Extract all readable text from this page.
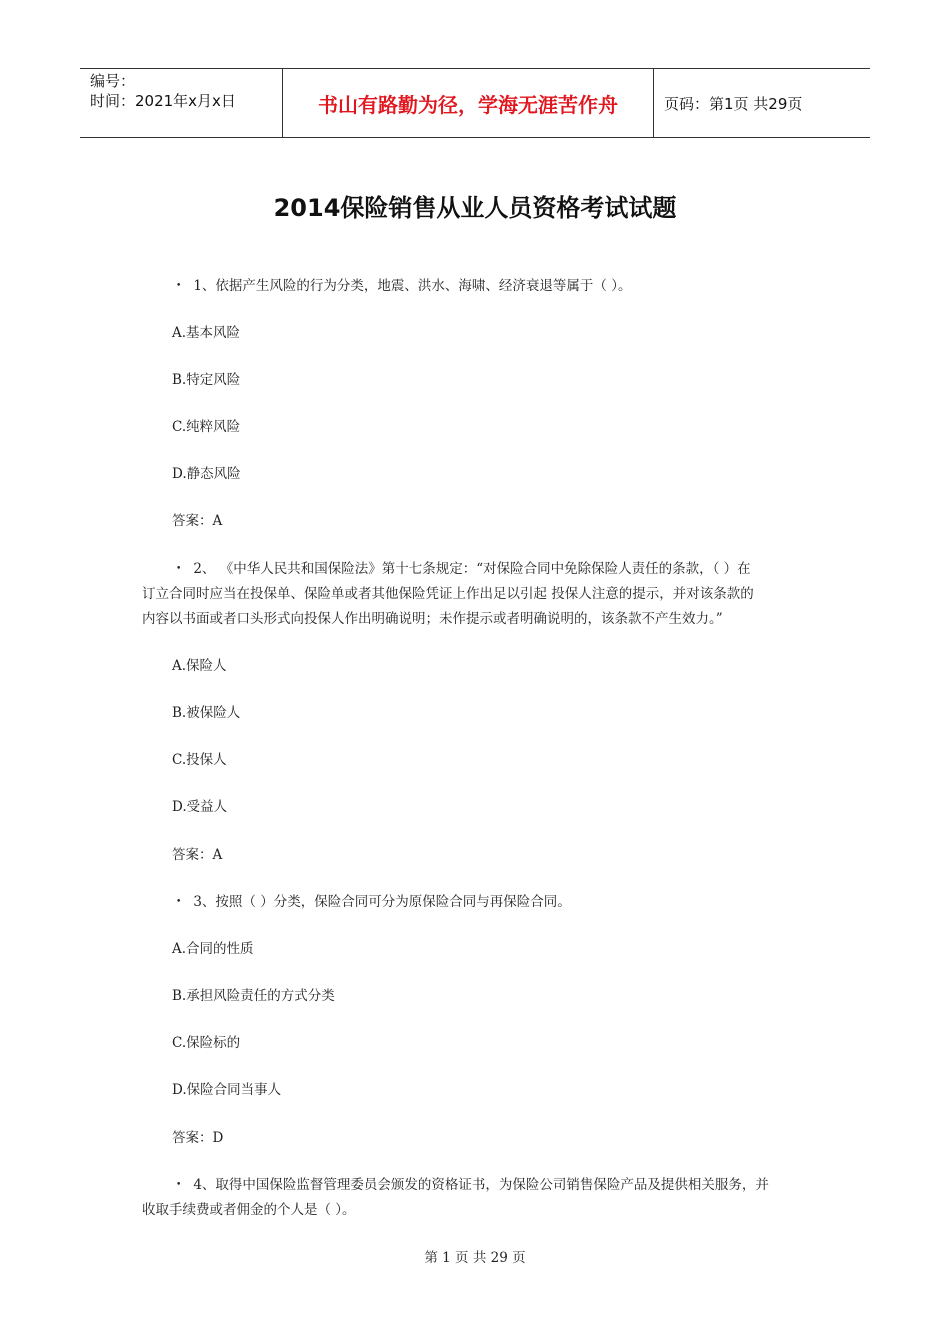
编号：
时间：2021年x月x日	书山有路勤为径，学海无涯苦作舟	页码：第1页 共29页
2014保险销售从业人员资格考试试题
• 1、依据产生风险的行为分类，地震、洪水、海啸、经济衰退等属于（ ）。
A.基本风险
B.特定风险
C.纯粹风险
D.静态风险
答案：A
• 2、 《中华人民共和国保险法》第十七条规定：“对保险合同中免除保险人责任的条款，（ ）在
订立合同时应当在投保单、保险单或者其他保险凭证上作出足以引起 投保人注意的提示，并对该条款的
内容以书面或者口头形式向投保人作出明确说明；未作提示或者明确说明的，该条款不产生效力。”
A.保险人
B.被保险人
C.投保人
D.受益人
答案：A
• 3、按照（ ）分类，保险合同可分为原保险合同与再保险合同。
A.合同的性质
B.承担风险责任的方式分类
C.保险标的
D.保险合同当事人
答案：D
• 4、取得中国保险监督管理委员会颁发的资格证书，为保险公司销售保险产品及提供相关服务，并
收取手续费或者佣金的个人是（ ）。
第 1 页 共 29 页
